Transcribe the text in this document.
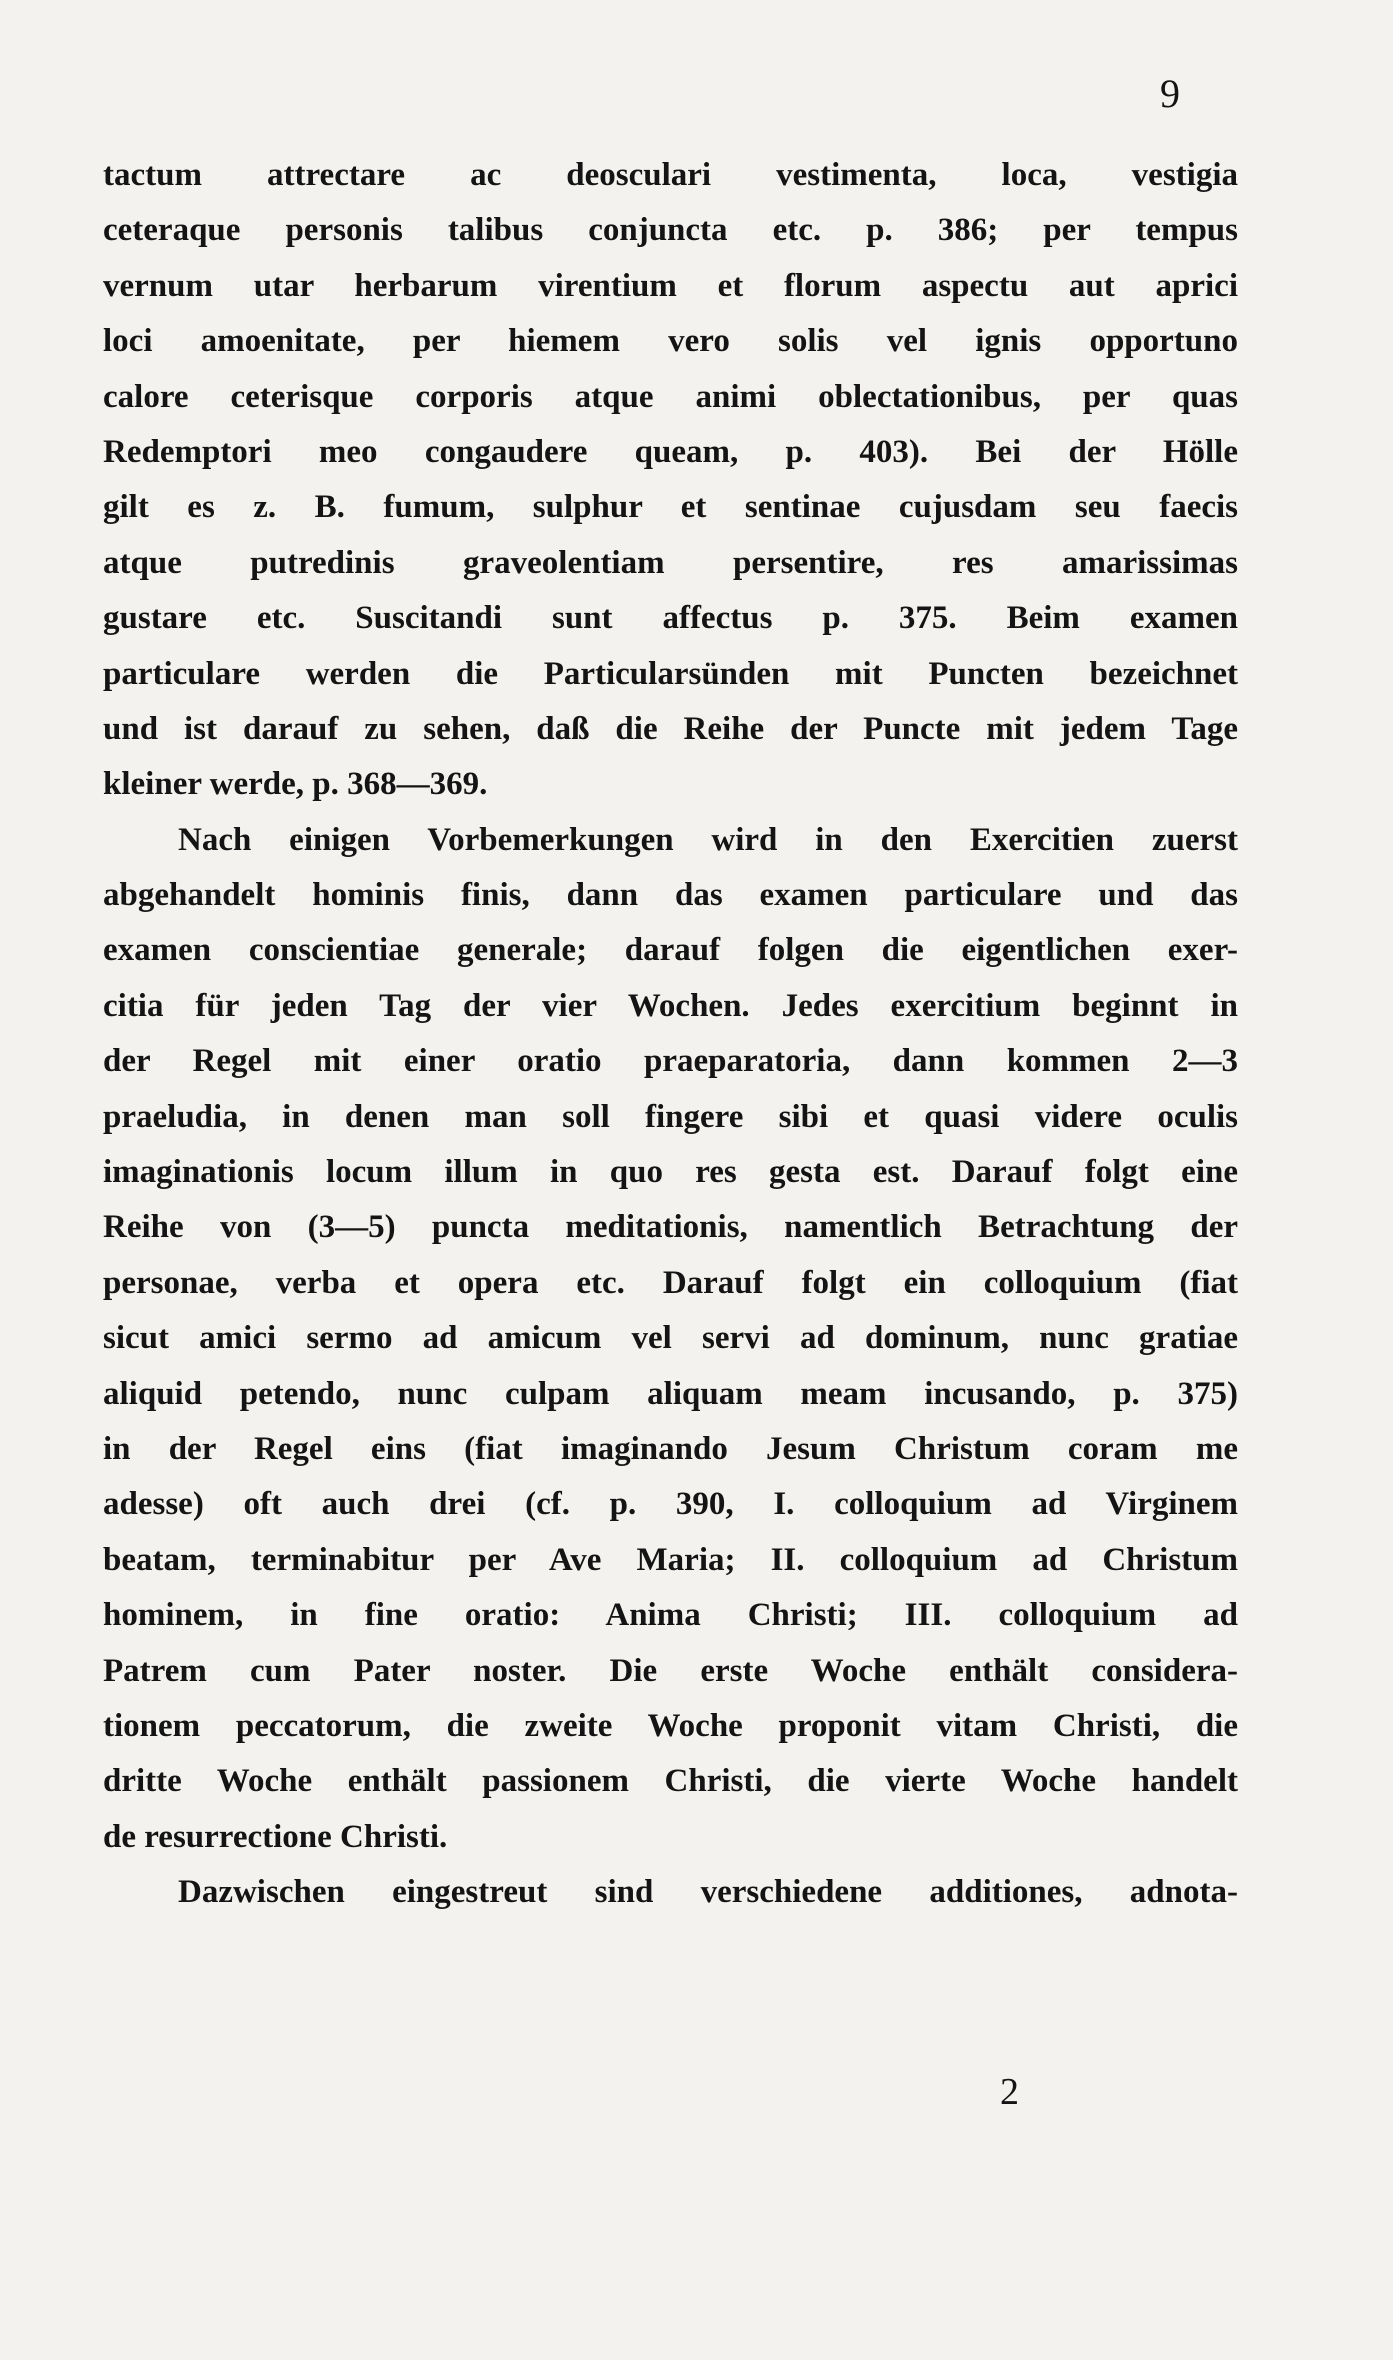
9
tactum attrectare ac deosculari vestimenta, loca, vestigia
ceteraque personis talibus conjuncta etc. p. 386; per tempus
vernum utar herbarum virentium et florum aspectu aut aprici
loci amoenitate, per hiemem vero solis vel ignis opportuno
calore ceterisque corporis atque animi oblectationibus, per quas
Redemptori meo congaudere queam, p. 403). Bei der Hölle
gilt es z. B. fumum, sulphur et sentinae cujusdam seu faecis
atque putredinis graveolentiam persentire, res amarissimas
gustare etc. Suscitandi sunt affectus p. 375. Beim examen
particulare werden die Particularsünden mit Puncten bezeichnet
und ist darauf zu sehen, daß die Reihe der Puncte mit jedem Tage
kleiner werde, p. 368—369.
Nach einigen Vorbemerkungen wird in den Exercitien zuerst
abgehandelt hominis finis, dann das examen particulare und das
examen conscientiae generale; darauf folgen die eigentlichen exer-
citia für jeden Tag der vier Wochen. Jedes exercitium beginnt in
der Regel mit einer oratio praeparatoria, dann kommen 2—3
praeludia, in denen man soll fingere sibi et quasi videre oculis
imaginationis locum illum in quo res gesta est. Darauf folgt eine
Reihe von (3—5) puncta meditationis, namentlich Betrachtung der
personae, verba et opera etc. Darauf folgt ein colloquium (fiat
sicut amici sermo ad amicum vel servi ad dominum, nunc gratiae
aliquid petendo, nunc culpam aliquam meam incusando, p. 375)
in der Regel eins (fiat imaginando Jesum Christum coram me
adesse) oft auch drei (cf. p. 390, I. colloquium ad Virginem
beatam, terminabitur per Ave Maria; II. colloquium ad Christum
hominem, in fine oratio: Anima Christi; III. colloquium ad
Patrem cum Pater noster. Die erste Woche enthält considera-
tionem peccatorum, die zweite Woche proponit vitam Christi, die
dritte Woche enthält passionem Christi, die vierte Woche handelt
de resurrectione Christi.
Dazwischen eingestreut sind verschiedene additiones, adnota-
2
